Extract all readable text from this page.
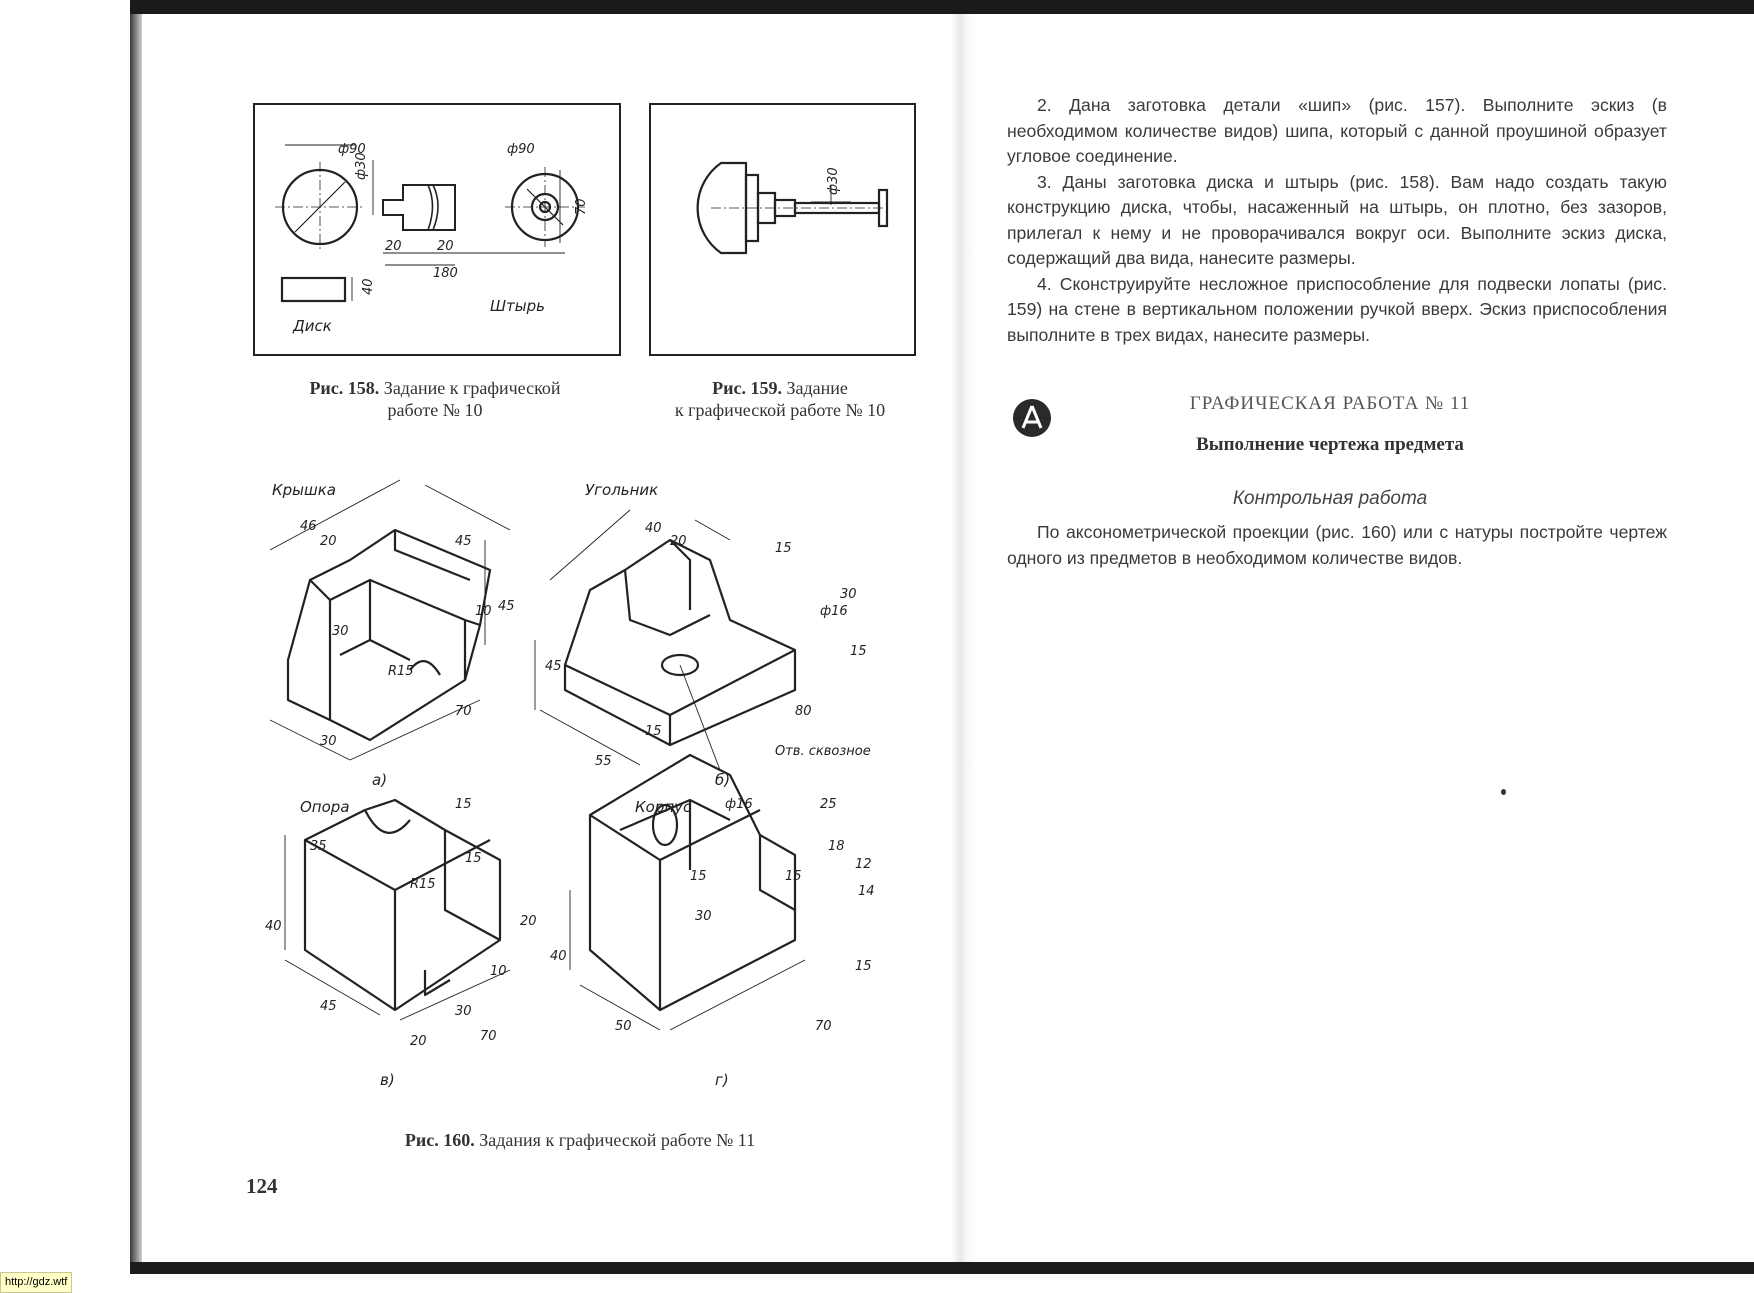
ф90
ф30
ф90
70
20	20
180
40
Диск
Штырь
Рис. 158. Задание к графической
работе № 10
ф30
Рис. 159. Задание
к графической работе № 10
Крышка
а)
Угольник
б)
Опора
в)
Корпус
г)
46
20	45
10 45
30
R15
70
30
40
20	15
30
ф16
15
45
80
15
55
Отв. сквозное
15
35
15
R15
40	20
10
45	30
20	70
ф16	25
18
12
15	15
14
30
40
15
50	70
Рис. 160. Задания к графической работе № 11
124

2. Дана заготовка детали «шип» (рис. 157). Выполните эскиз (в необходимом количестве видов) шипа, который с данной проушиной образует угловое соединение.

3. Даны заготовка диска и штырь (рис. 158). Вам надо создать такую конструкцию диска, чтобы, насаженный на штырь, он плотно, без зазоров, прилегал к нему и не проворачивался вокруг оси. Выполните эскиз диска, содержащий два вида, нанесите размеры.

4. Сконструируйте несложное приспособление для подвески лопаты (рис. 159) на стене в вертикальном положении ручкой вверх. Эскиз приспособления выполните в трех видах, нанесите размеры.

ГРАФИЧЕСКАЯ РАБОТА № 11
Выполнение чертежа предмета
Контрольная работа

По аксонометрической проекции (рис. 160) или с натуры постройте чертеж одного из предметов в необходимом количестве видов.

http://gdz.wtf
